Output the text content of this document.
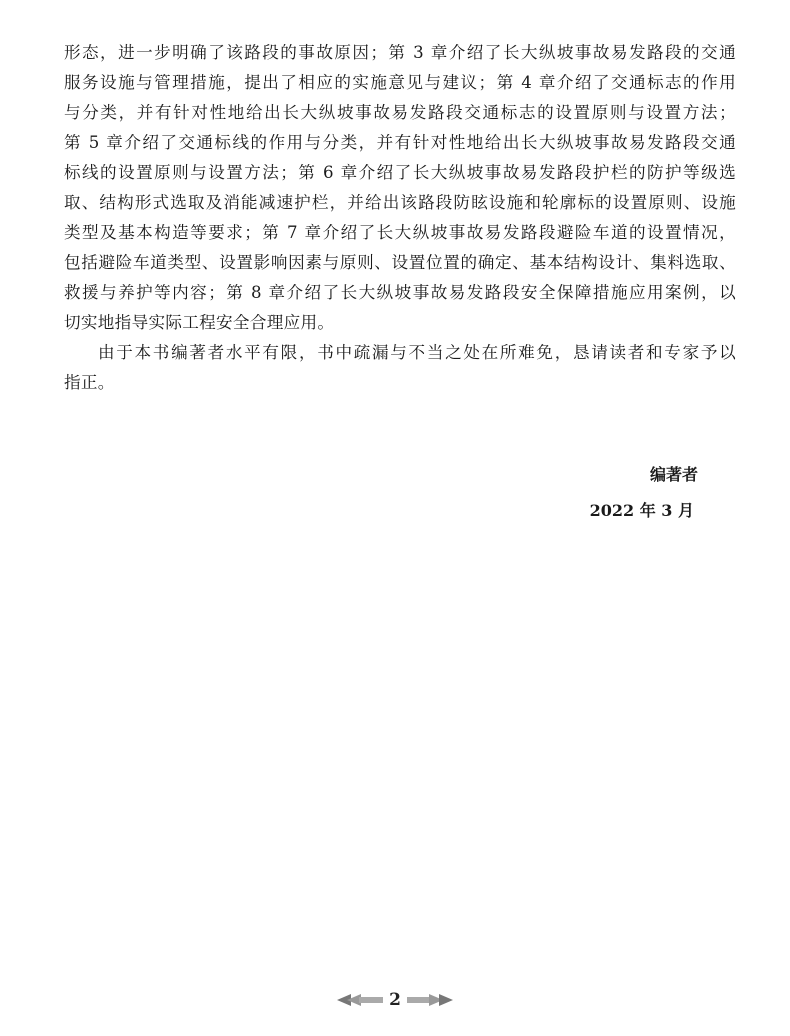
形态，进一步明确了该路段的事故原因；第 3 章介绍了长大纵坡事故易发路段的交通
服务设施与管理措施，提出了相应的实施意见与建议；第 4 章介绍了交通标志的作用
与分类，并有针对性地给出长大纵坡事故易发路段交通标志的设置原则与设置方法；
第 5 章介绍了交通标线的作用与分类，并有针对性地给出长大纵坡事故易发路段交通
标线的设置原则与设置方法；第 6 章介绍了长大纵坡事故易发路段护栏的防护等级选
取、结构形式选取及消能减速护栏，并给出该路段防眩设施和轮廓标的设置原则、设施
类型及基本构造等要求；第 7 章介绍了长大纵坡事故易发路段避险车道的设置情况，
包括避险车道类型、设置影响因素与原则、设置位置的确定、基本结构设计、集料选取、
救援与养护等内容；第 8 章介绍了长大纵坡事故易发路段安全保障措施应用案例，以
切实地指导实际工程安全合理应用。
由于本书编著者水平有限，书中疏漏与不当之处在所难免，恳请读者和专家予以
指正。
编著者
2022 年 3 月
2
